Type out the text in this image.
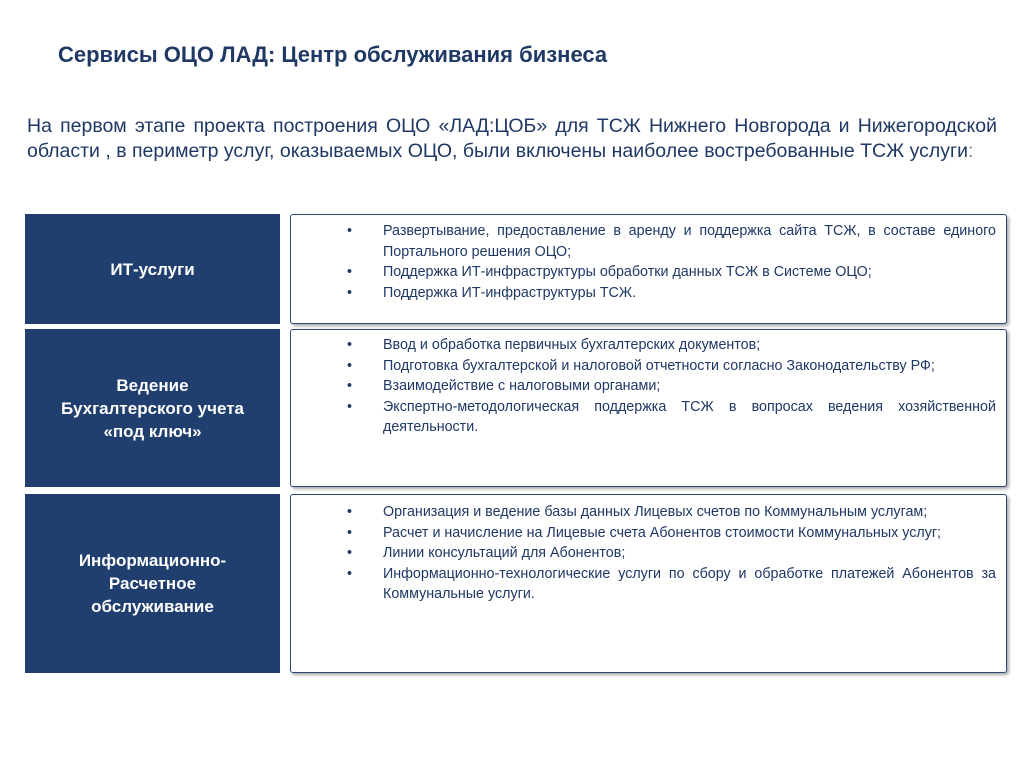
Сервисы ОЦО ЛАД: Центр обслуживания бизнеса
На первом этапе проекта построения ОЦО «ЛАД:ЦОБ» для ТСЖ Нижнего Новгорода и Нижегородской области , в периметр услуг, оказываемых ОЦО, были включены наиболее востребованные ТСЖ услуги:
ИТ-услуги
•	Развертывание, предоставление в аренду и поддержка сайта ТСЖ, в составе единого Портального решения ОЦО;
•	Поддержка ИТ-инфраструктуры обработки данных ТСЖ в Системе ОЦО;
•	Поддержка ИТ-инфраструктуры ТСЖ.
Ведение
Бухгалтерского учета
«под ключ»
•	Ввод и обработка первичных бухгалтерских документов;
•	Подготовка бухгалтерской и налоговой отчетности согласно Законодательству РФ;
•	Взаимодействие с налоговыми органами;
•	Экспертно-методологическая поддержка ТСЖ в вопросах ведения хозяйственной деятельности.
Информационно-
Расчетное
обслуживание
•	Организация и ведение базы данных Лицевых счетов по Коммунальным услугам;
•	Расчет и начисление на Лицевые счета Абонентов стоимости Коммунальных услуг;
•	Линии консультаций для Абонентов;
•	Информационно-технологические услуги по сбору и обработке платежей Абонентов за Коммунальные услуги.
